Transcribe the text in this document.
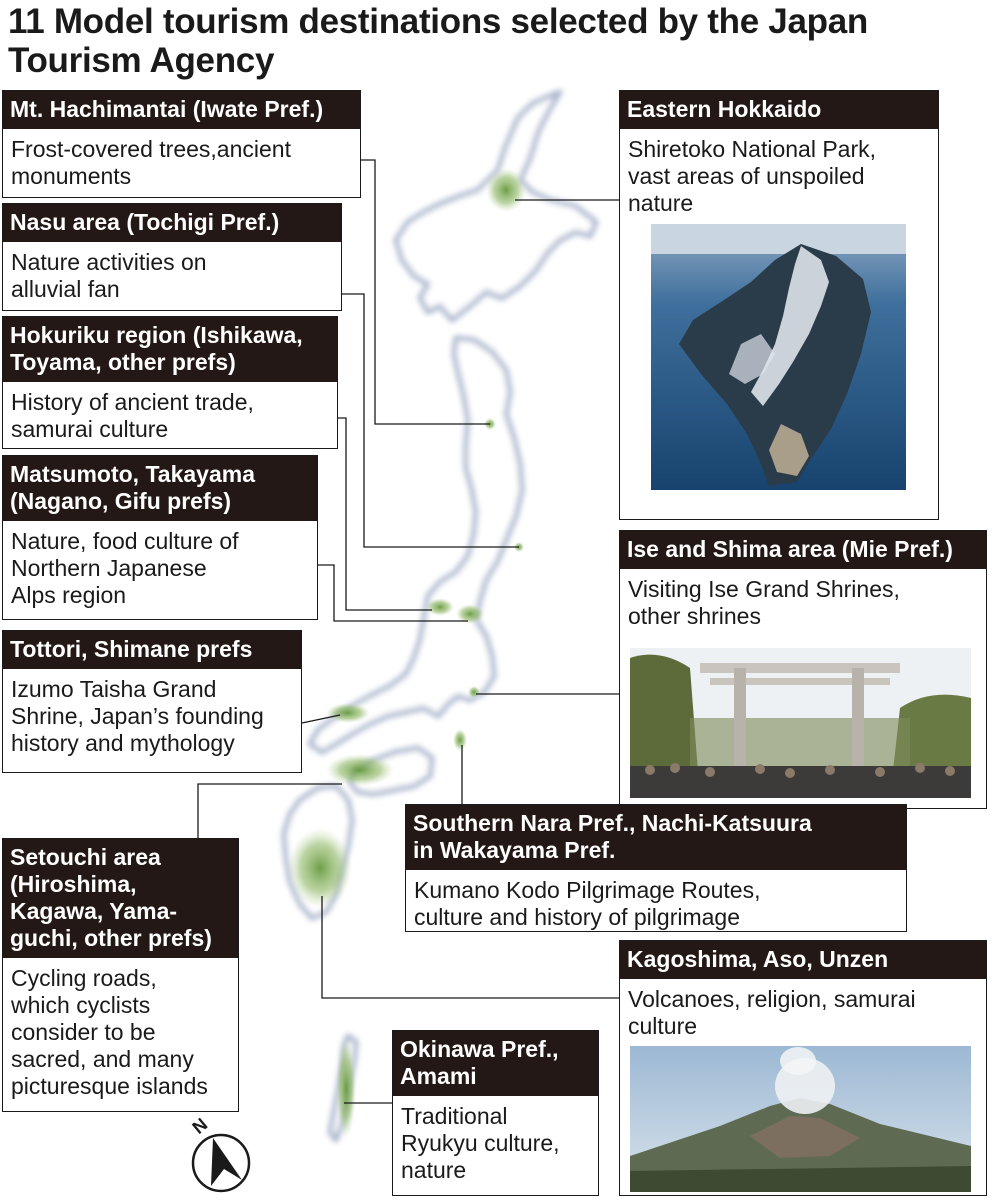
11 Model tourism destinations selected by the Japan Tourism Agency
N
Mt. Hachimantai (Iwate Pref.)
Frost-covered trees,ancient
monuments
Nasu area (Tochigi Pref.)
Nature activities on
alluvial fan
Hokuriku region (Ishikawa,
Toyama, other prefs)
History of ancient trade,
samurai culture
Matsumoto, Takayama
(Nagano, Gifu prefs)
Nature, food culture of
Northern Japanese
Alps region
Tottori, Shimane prefs
Izumo Taisha Grand
Shrine, Japan’s founding
history and mythology
Setouchi area
(Hiroshima,
Kagawa, Yama-
guchi, other prefs)
Cycling roads,
which cyclists
consider to be
sacred, and many
picturesque islands
Eastern Hokkaido
Shiretoko National Park,
vast areas of unspoiled
nature
Ise and Shima area (Mie Pref.)
Visiting Ise Grand Shrines,
other shrines
Southern Nara Pref., Nachi-Katsuura
in Wakayama Pref.
Kumano Kodo Pilgrimage Routes,
culture and history of pilgrimage
Kagoshima, Aso, Unzen
Volcanoes, religion, samurai
culture
Okinawa Pref.,
Amami
Traditional
Ryukyu culture,
nature
